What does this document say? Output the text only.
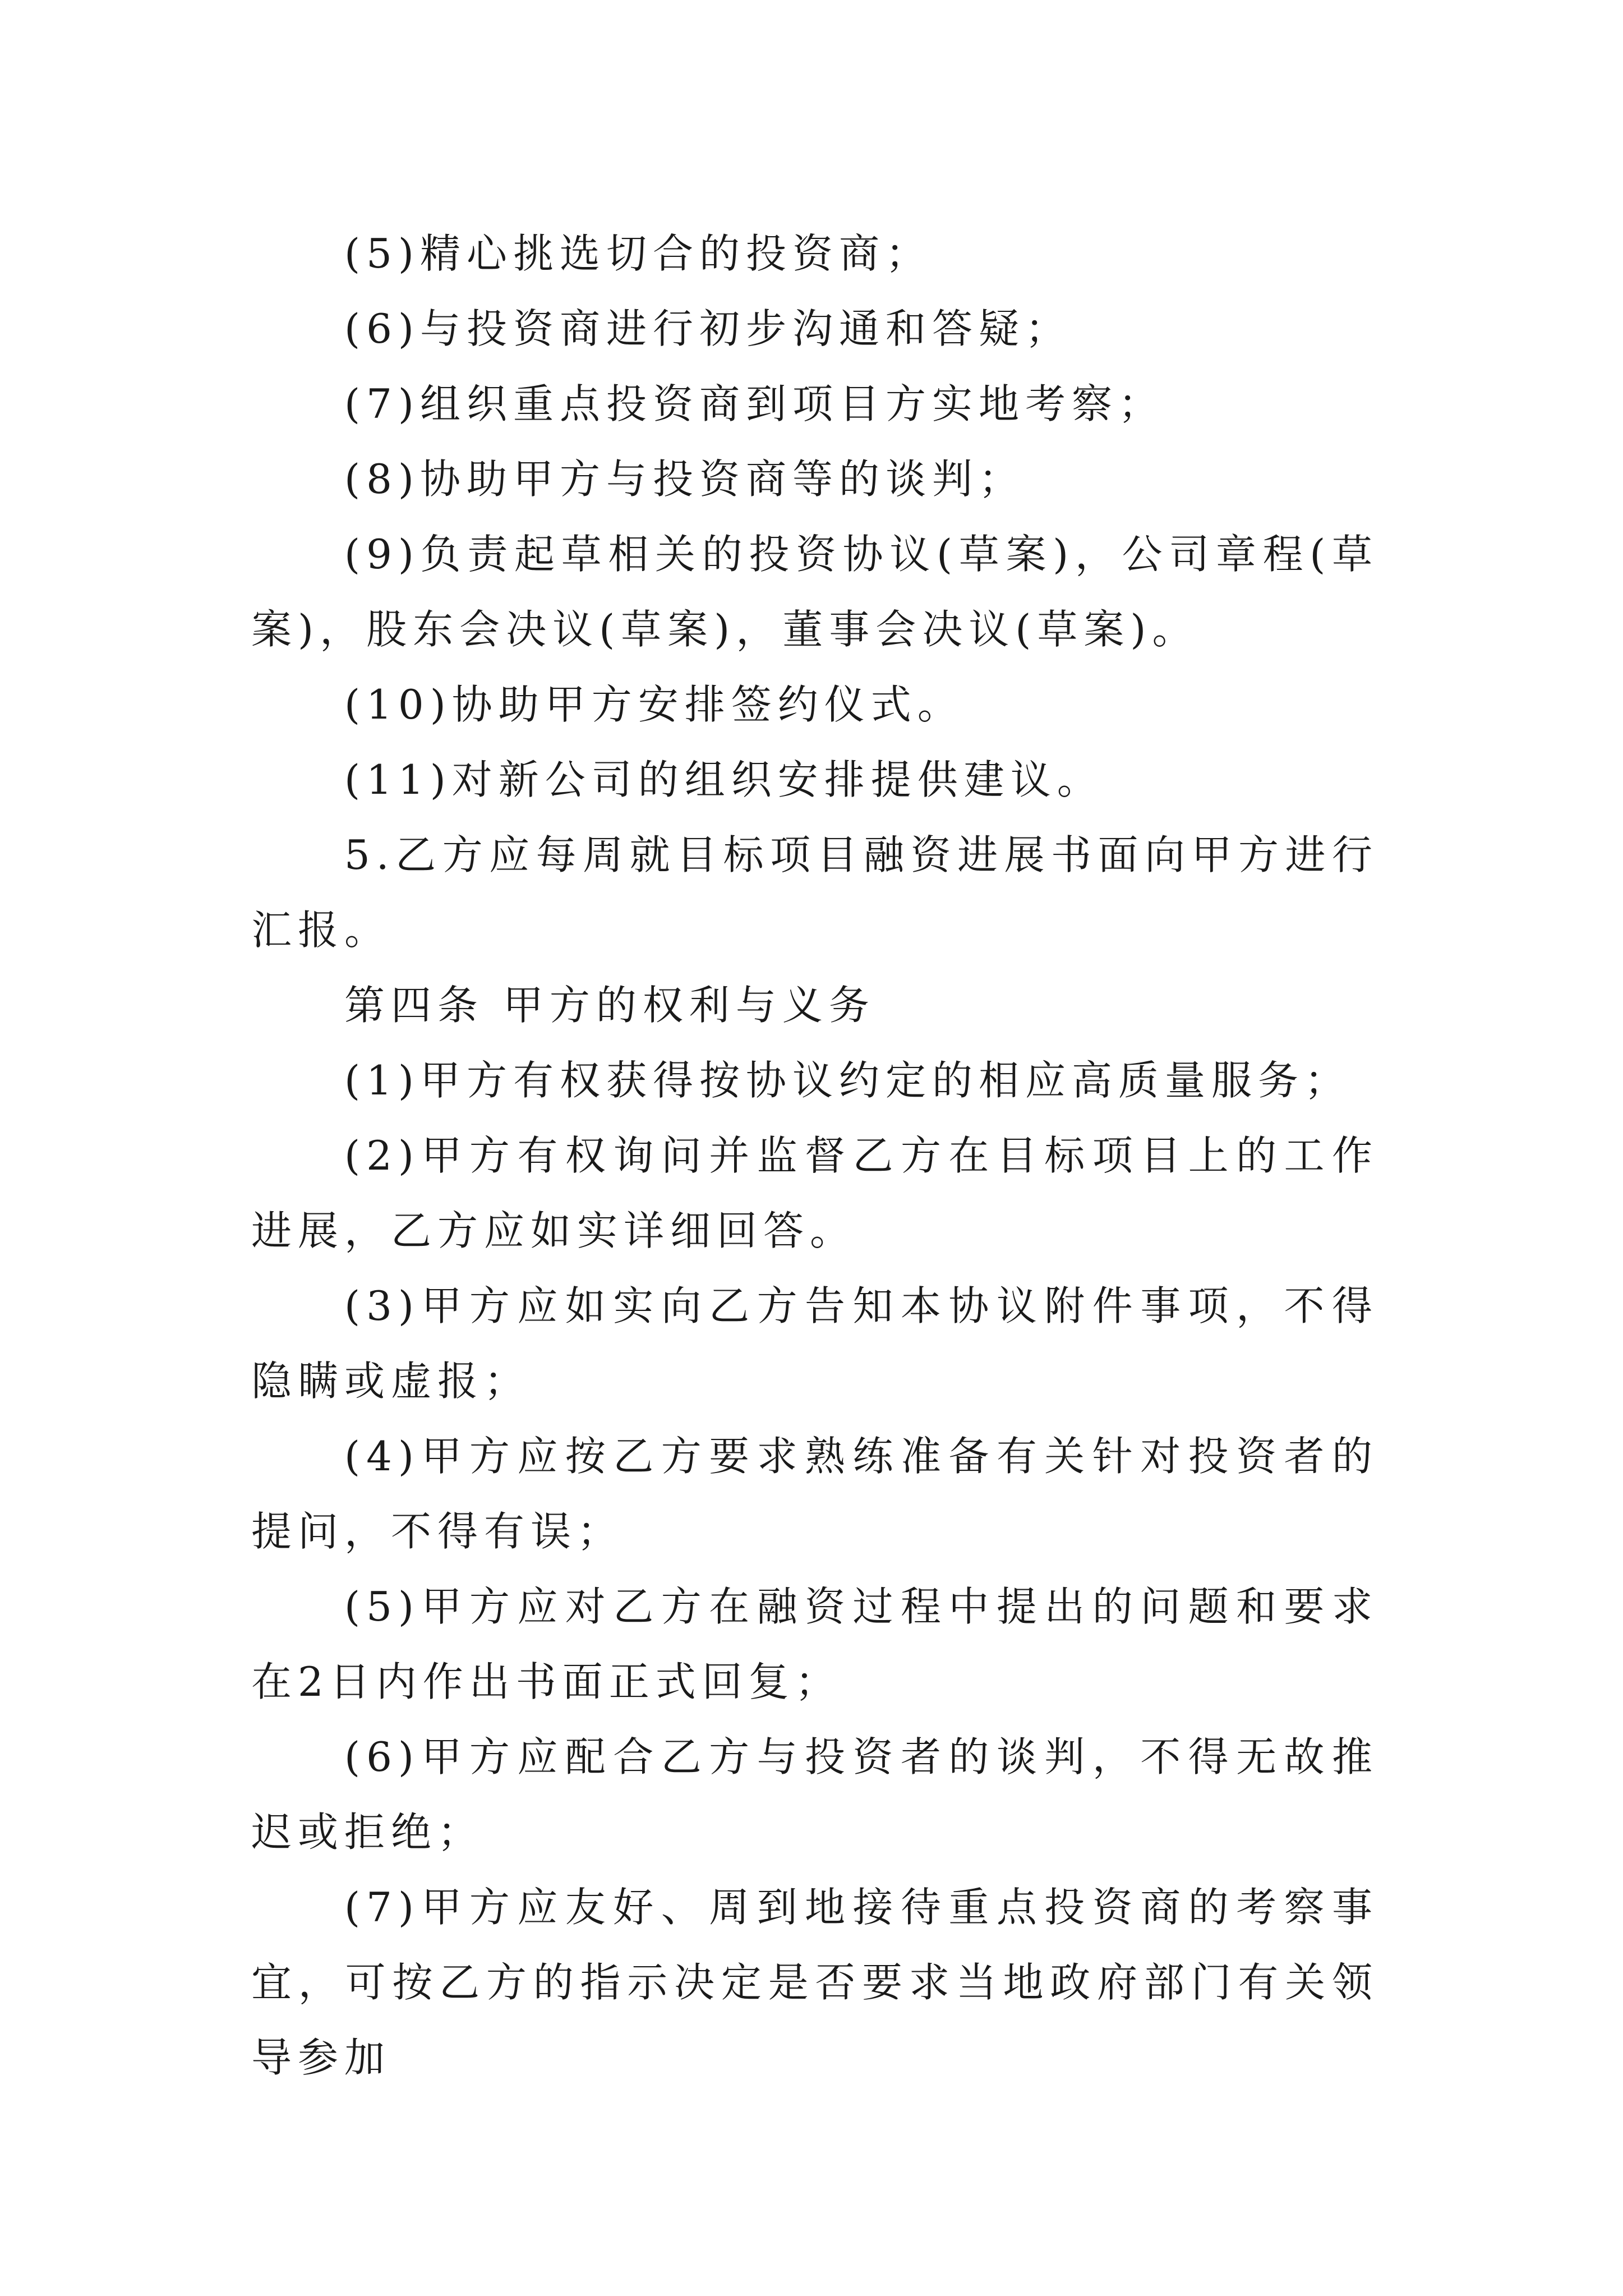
(5)精心挑选切合的投资商；

(6)与投资商进行初步沟通和答疑；

(7)组织重点投资商到项目方实地考察；

(8)协助甲方与投资商等的谈判；

(9)负责起草相关的投资协议(草案)，公司章程(草案)，股东会决议(草案)，董事会决议(草案)。

(10)协助甲方安排签约仪式。

(11)对新公司的组织安排提供建议。

5.乙方应每周就目标项目融资进展书面向甲方进行汇报。

第四条 甲方的权利与义务

(1)甲方有权获得按协议约定的相应高质量服务；

(2)甲方有权询问并监督乙方在目标项目上的工作进展，乙方应如实详细回答。

(3)甲方应如实向乙方告知本协议附件事项，不得隐瞒或虚报；

(4)甲方应按乙方要求熟练准备有关针对投资者的提问，不得有误；

(5)甲方应对乙方在融资过程中提出的问题和要求在2日内作出书面正式回复；

(6)甲方应配合乙方与投资者的谈判，不得无故推迟或拒绝；

(7)甲方应友好、周到地接待重点投资商的考察事宜，可按乙方的指示决定是否要求当地政府部门有关领导参加
